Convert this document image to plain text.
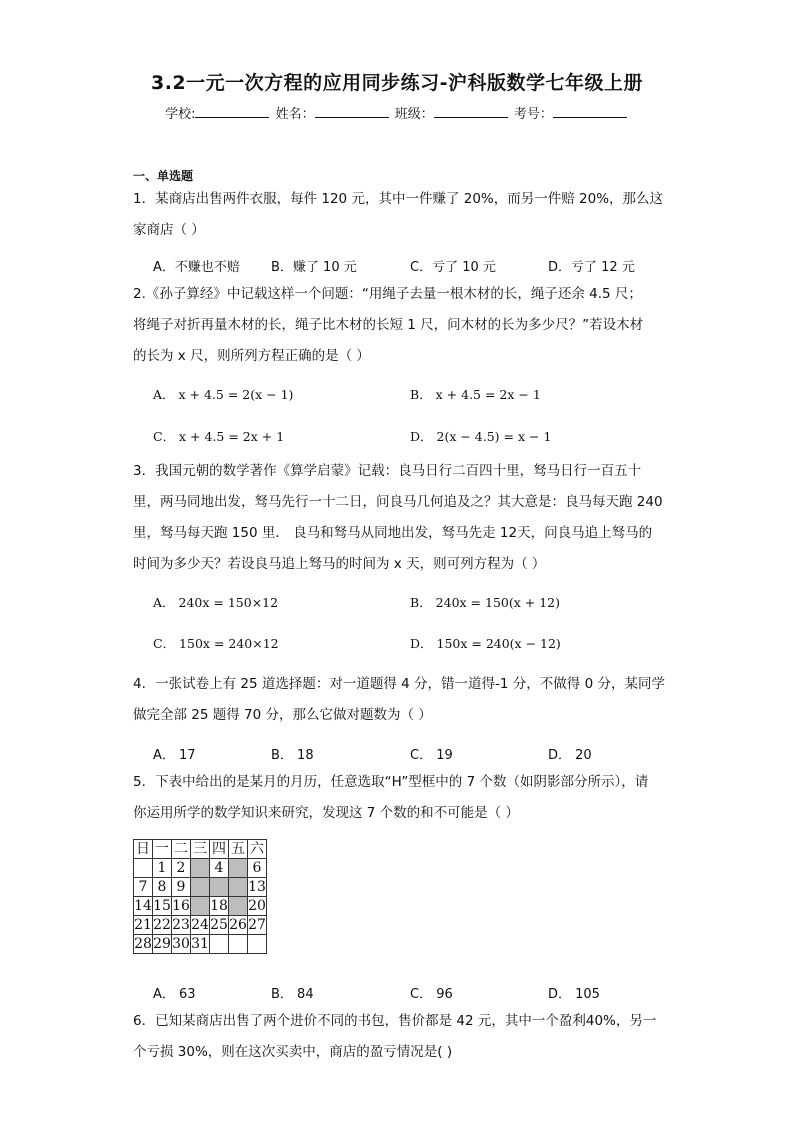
3.2一元一次方程的应用同步练习-沪科版数学七年级上册
学校:	姓名：	班级：	考号：
一、单选题
1．某商店出售两件衣服，每件 120 元，其中一件赚了 20%，而另一件赔 20%，那么这
家商店（ ）
A．不赚也不赔 B．赚了 10 元	C．亏了 10 元	D．亏了 12 元
2.《孙子算经》中记载这样一个问题：“用绳子去量一根木材的长，绳子还余 4.5 尺；
将绳子对折再量木材的长，绳子比木材的长短 1 尺，问木材的长为多少尺？”若设木材
的长为 x 尺，则所列方程正确的是（ ）
A． x + 4.5 = 2(x − 1)	B． x + 4.5 = 2x − 1
C． x + 4.5 = 2x + 1	D． 2(x − 4.5) = x − 1
3．我国元朝的数学著作《算学启蒙》记载：良马日行二百四十里，驽马日行一百五十
里，两马同地出发，驽马先行一十二日，问良马几何追及之？其大意是：良马每天跑 240
里，驽马每天跑 150 里． 良马和驽马从同地出发，驽马先走 12天，问良马追上驽马的
时间为多少天？若设良马追上驽马的时间为 x 天，则可列方程为（ ）
A． 240x = 150×12	B． 240x = 150(x + 12)
C． 150x = 240×12	D． 150x = 240(x − 12)
4．一张试卷上有 25 道选择题：对一道题得 4 分，错一道得-1 分，不做得 0 分，某同学
做完全部 25 题得 70 分，那么它做对题数为（ ）
A． 17	B． 18	C． 19	D． 20
5．下表中给出的是某月的月历，任意选取“H”型框中的 7 个数（如阴影部分所示），请
你运用所学的数学知识来研究，发现这 7 个数的和不可能是（ ）
日	一	二	三	四	五	六
	1	2		4		6
7	8	9				13
14	15	16		18		20
21	22	23	24	25	26	27
28	29	30	31			
A． 63	B． 84	C． 96	D． 105
6．已知某商店出售了两个进价不同的书包，售价都是 42 元，其中一个盈利40%，另一
个亏损 30%，则在这次买卖中，商店的盈亏情况是( )
